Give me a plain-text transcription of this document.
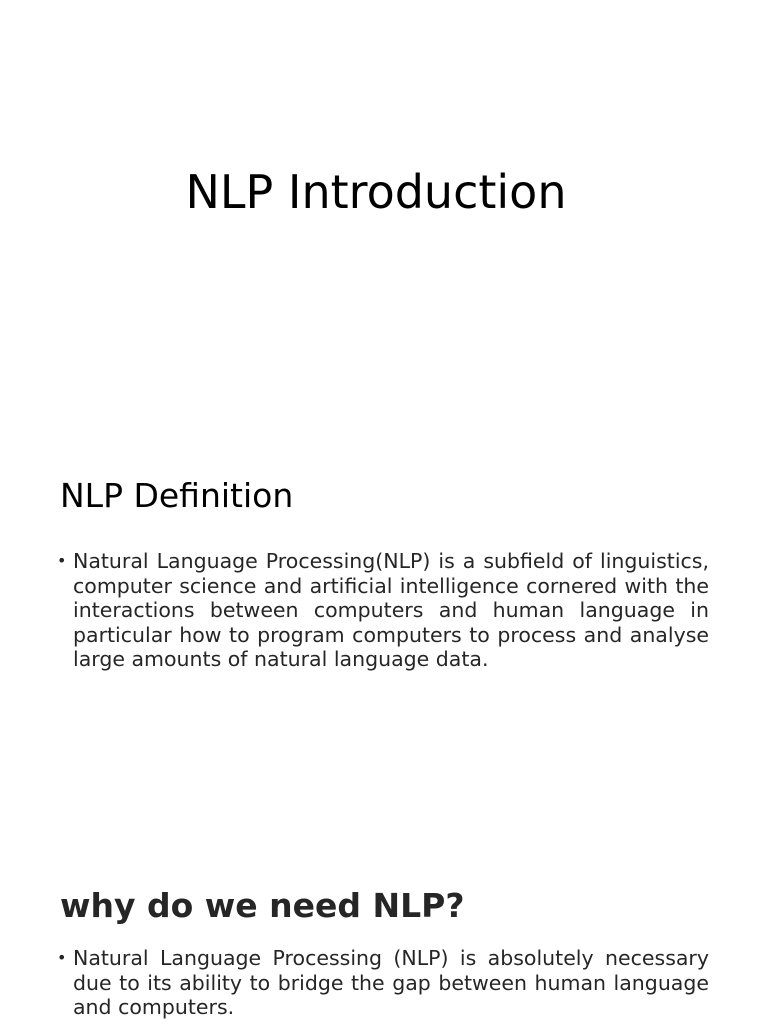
NLP Introduction
NLP Definition
• Natural Language Processing(NLP) is a subfield of linguistics, computer science and artificial intelligence cornered with the interactions between computers and human language in particular how to program computers to process and analyse large amounts of natural language data.
why do we need NLP?
• Natural Language Processing (NLP) is absolutely necessary due to its ability to bridge the gap between human language and computers.
